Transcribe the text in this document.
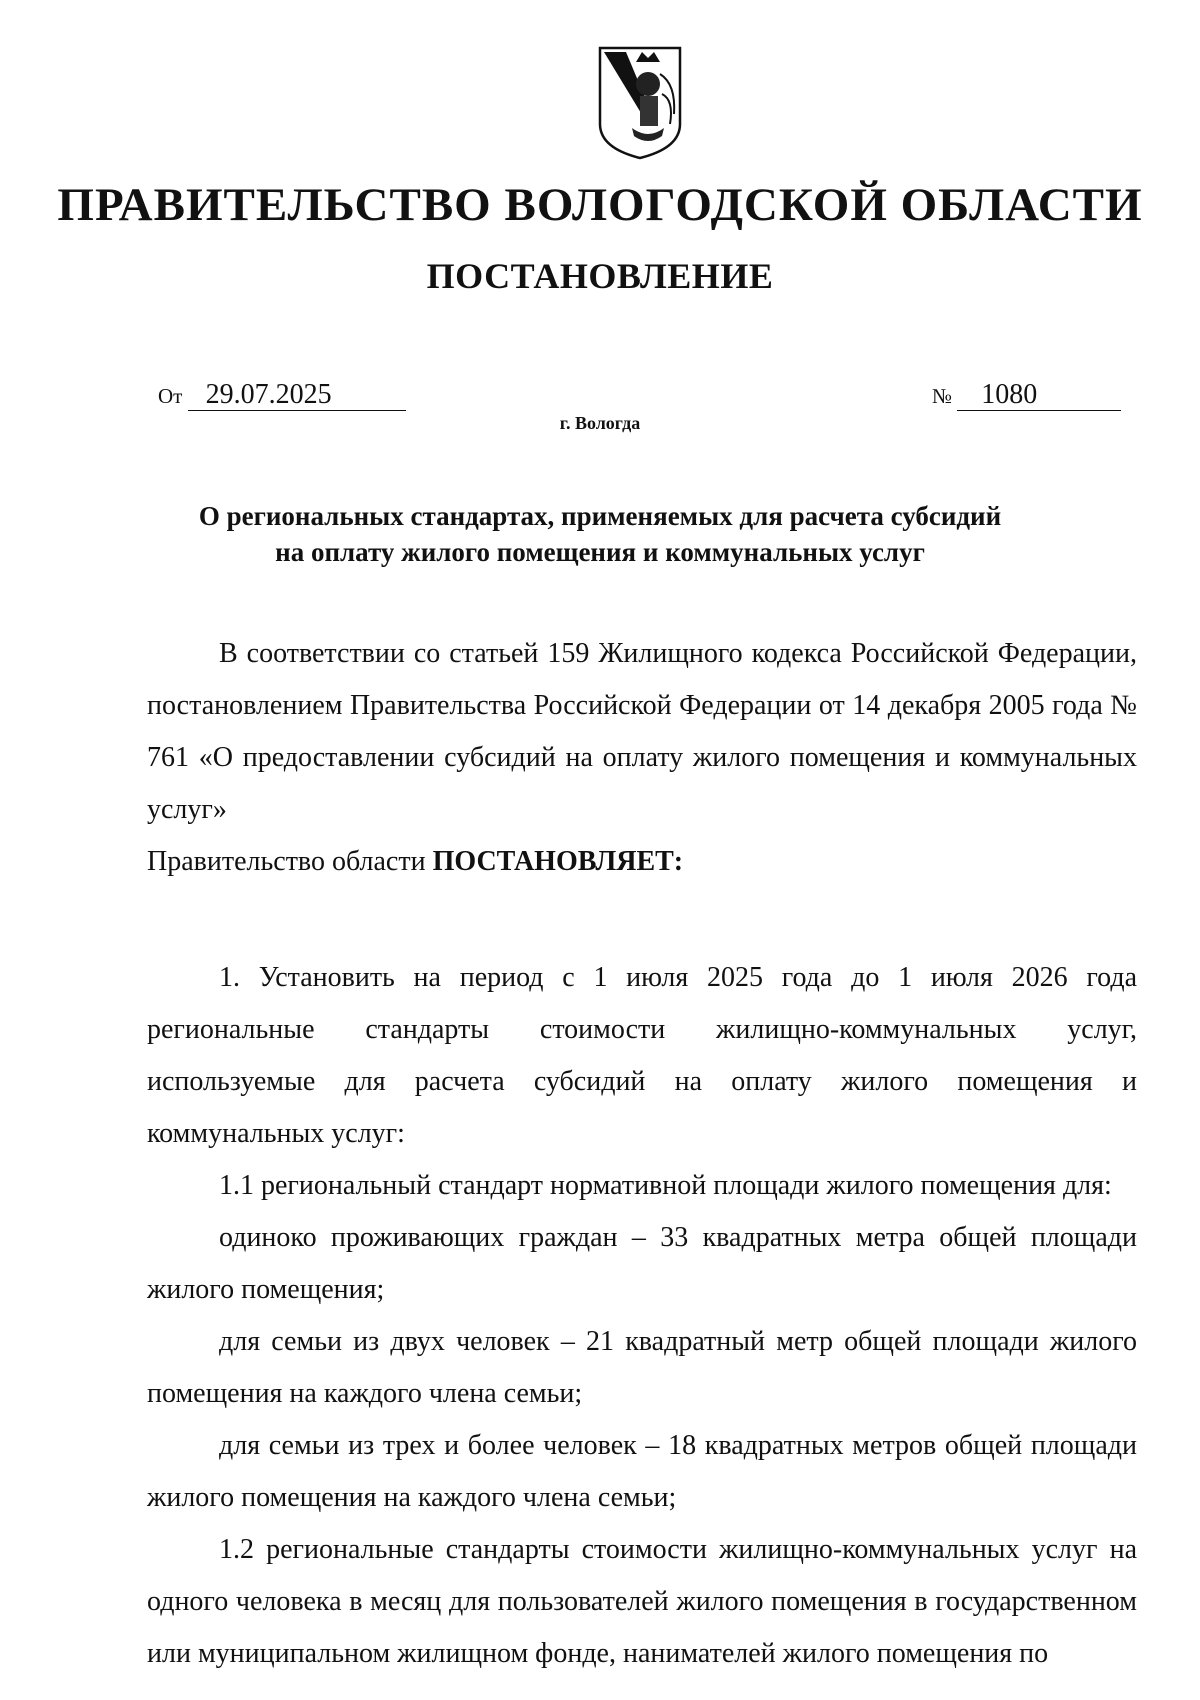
ПРАВИТЕЛЬСТВО ВОЛОГОДСКОЙ ОБЛАСТИ
ПОСТАНОВЛЕНИЕ
От 29.07.2025	№ 1080
г. Вологда
О региональных стандартах, применяемых для расчета субсидий
на оплату жилого помещения и коммунальных услуг

В соответствии со статьей 159 Жилищного кодекса Российской Федерации, постановлением Правительства Российской Федерации от 14 декабря 2005 года № 761 «О предоставлении субсидий на оплату жилого помещения и коммунальных услуг»

Правительство области ПОСТАНОВЛЯЕТ:

1. Установить на период с 1 июля 2025 года до 1 июля 2026 года региональные стандарты стоимости жилищно-коммунальных услуг, используемые для расчета субсидий на оплату жилого помещения и коммунальных услуг:

1.1 региональный стандарт нормативной площади жилого помещения для:

одиноко проживающих граждан – 33 квадратных метра общей площади жилого помещения;

для семьи из двух человек – 21 квадратный метр общей площади жилого помещения на каждого члена семьи;

для семьи из трех и более человек – 18 квадратных метров общей площади жилого помещения на каждого члена семьи;

1.2 региональные стандарты стоимости жилищно-коммунальных услуг на одного человека в месяц для пользователей жилого помещения в государственном или муниципальном жилищном фонде, нанимателей жилого помещения по
